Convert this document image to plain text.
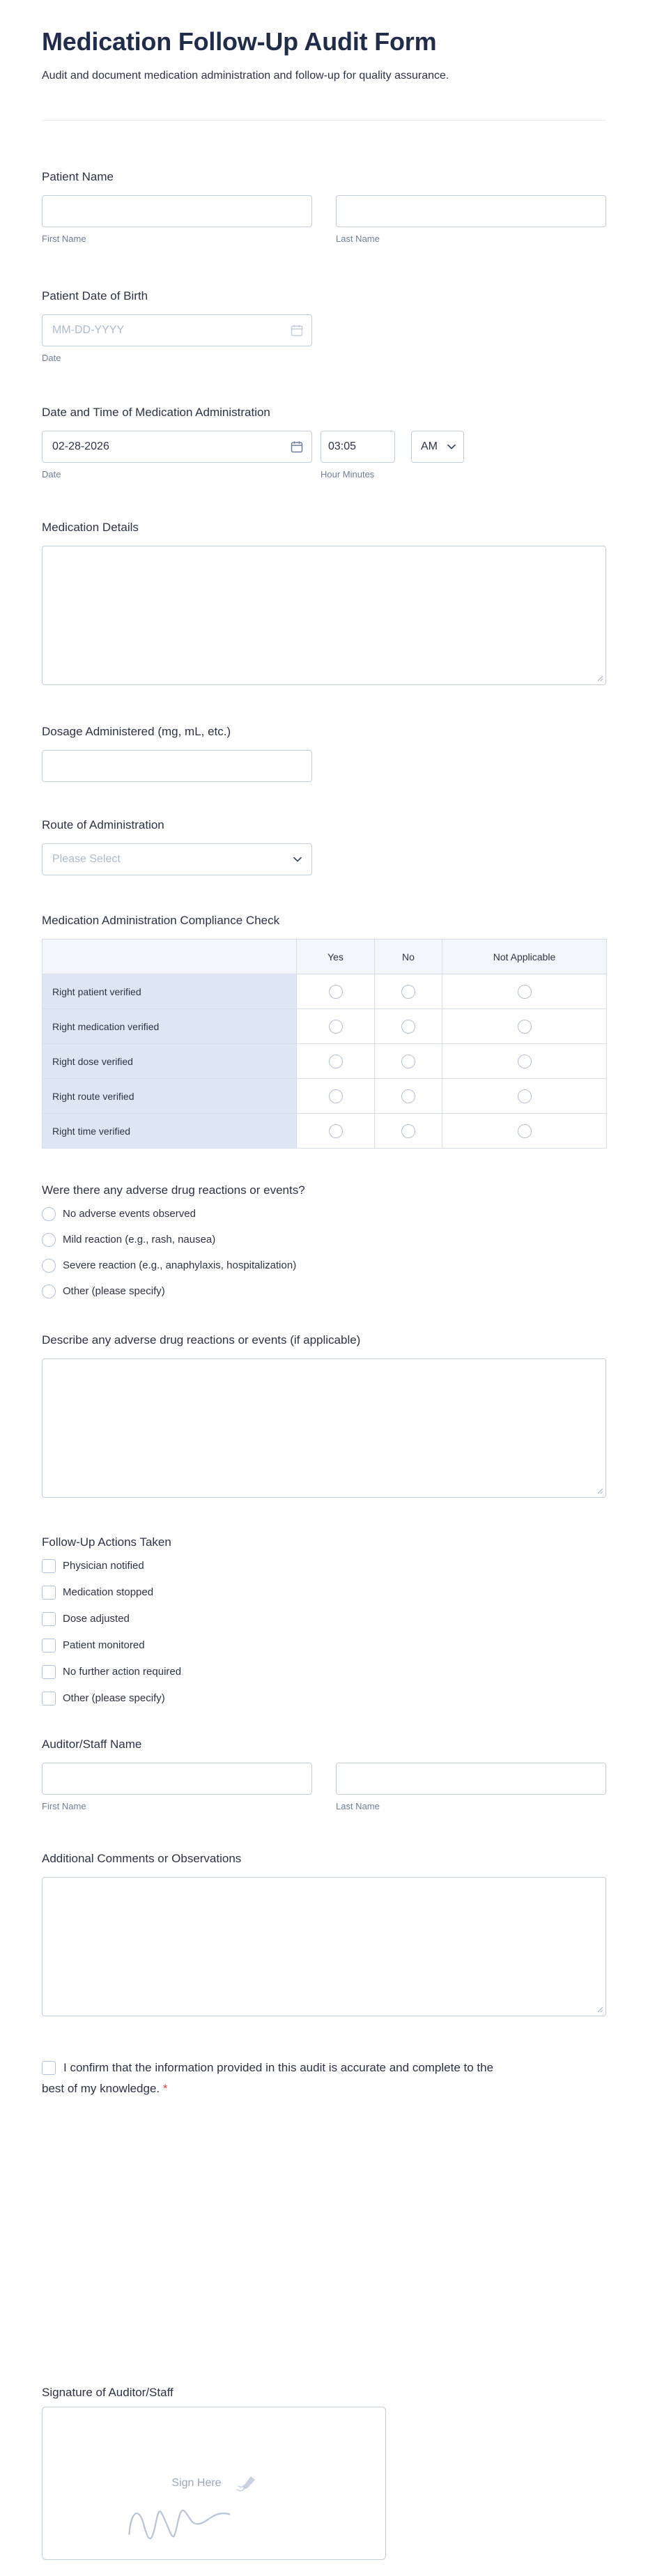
Medication Follow-Up Audit Form

Audit and document medication administration and follow-up for quality assurance.

Patient Name
First Name	Last Name
Patient Date of Birth
MM-DD-YYYY
Date
Date and Time of Medication Administration
02-28-2026
Date
03:05	Hour Minutes
AM
Medication Details
Dosage Administered (mg, mL, etc.)
Route of Administration
Please Select
Medication Administration Compliance Check
	Yes	No	Not Applicable
Right patient verified			
Right medication verified			
Right dose verified			
Right route verified			
Right time verified			
Were there any adverse drug reactions or events?
No adverse events observed
Mild reaction (e.g., rash, nausea)
Severe reaction (e.g., anaphylaxis, hospitalization)
Other (please specify)
Describe any adverse drug reactions or events (if applicable)
Follow-Up Actions Taken
Physician notified
Medication stopped
Dose adjusted
Patient monitored
No further action required
Other (please specify)
Auditor/Staff Name
First Name	Last Name
Additional Comments or Observations
I confirm that the information provided in this audit is accurate and complete to the best of my knowledge. *
Signature of Auditor/Staff
Sign Here
